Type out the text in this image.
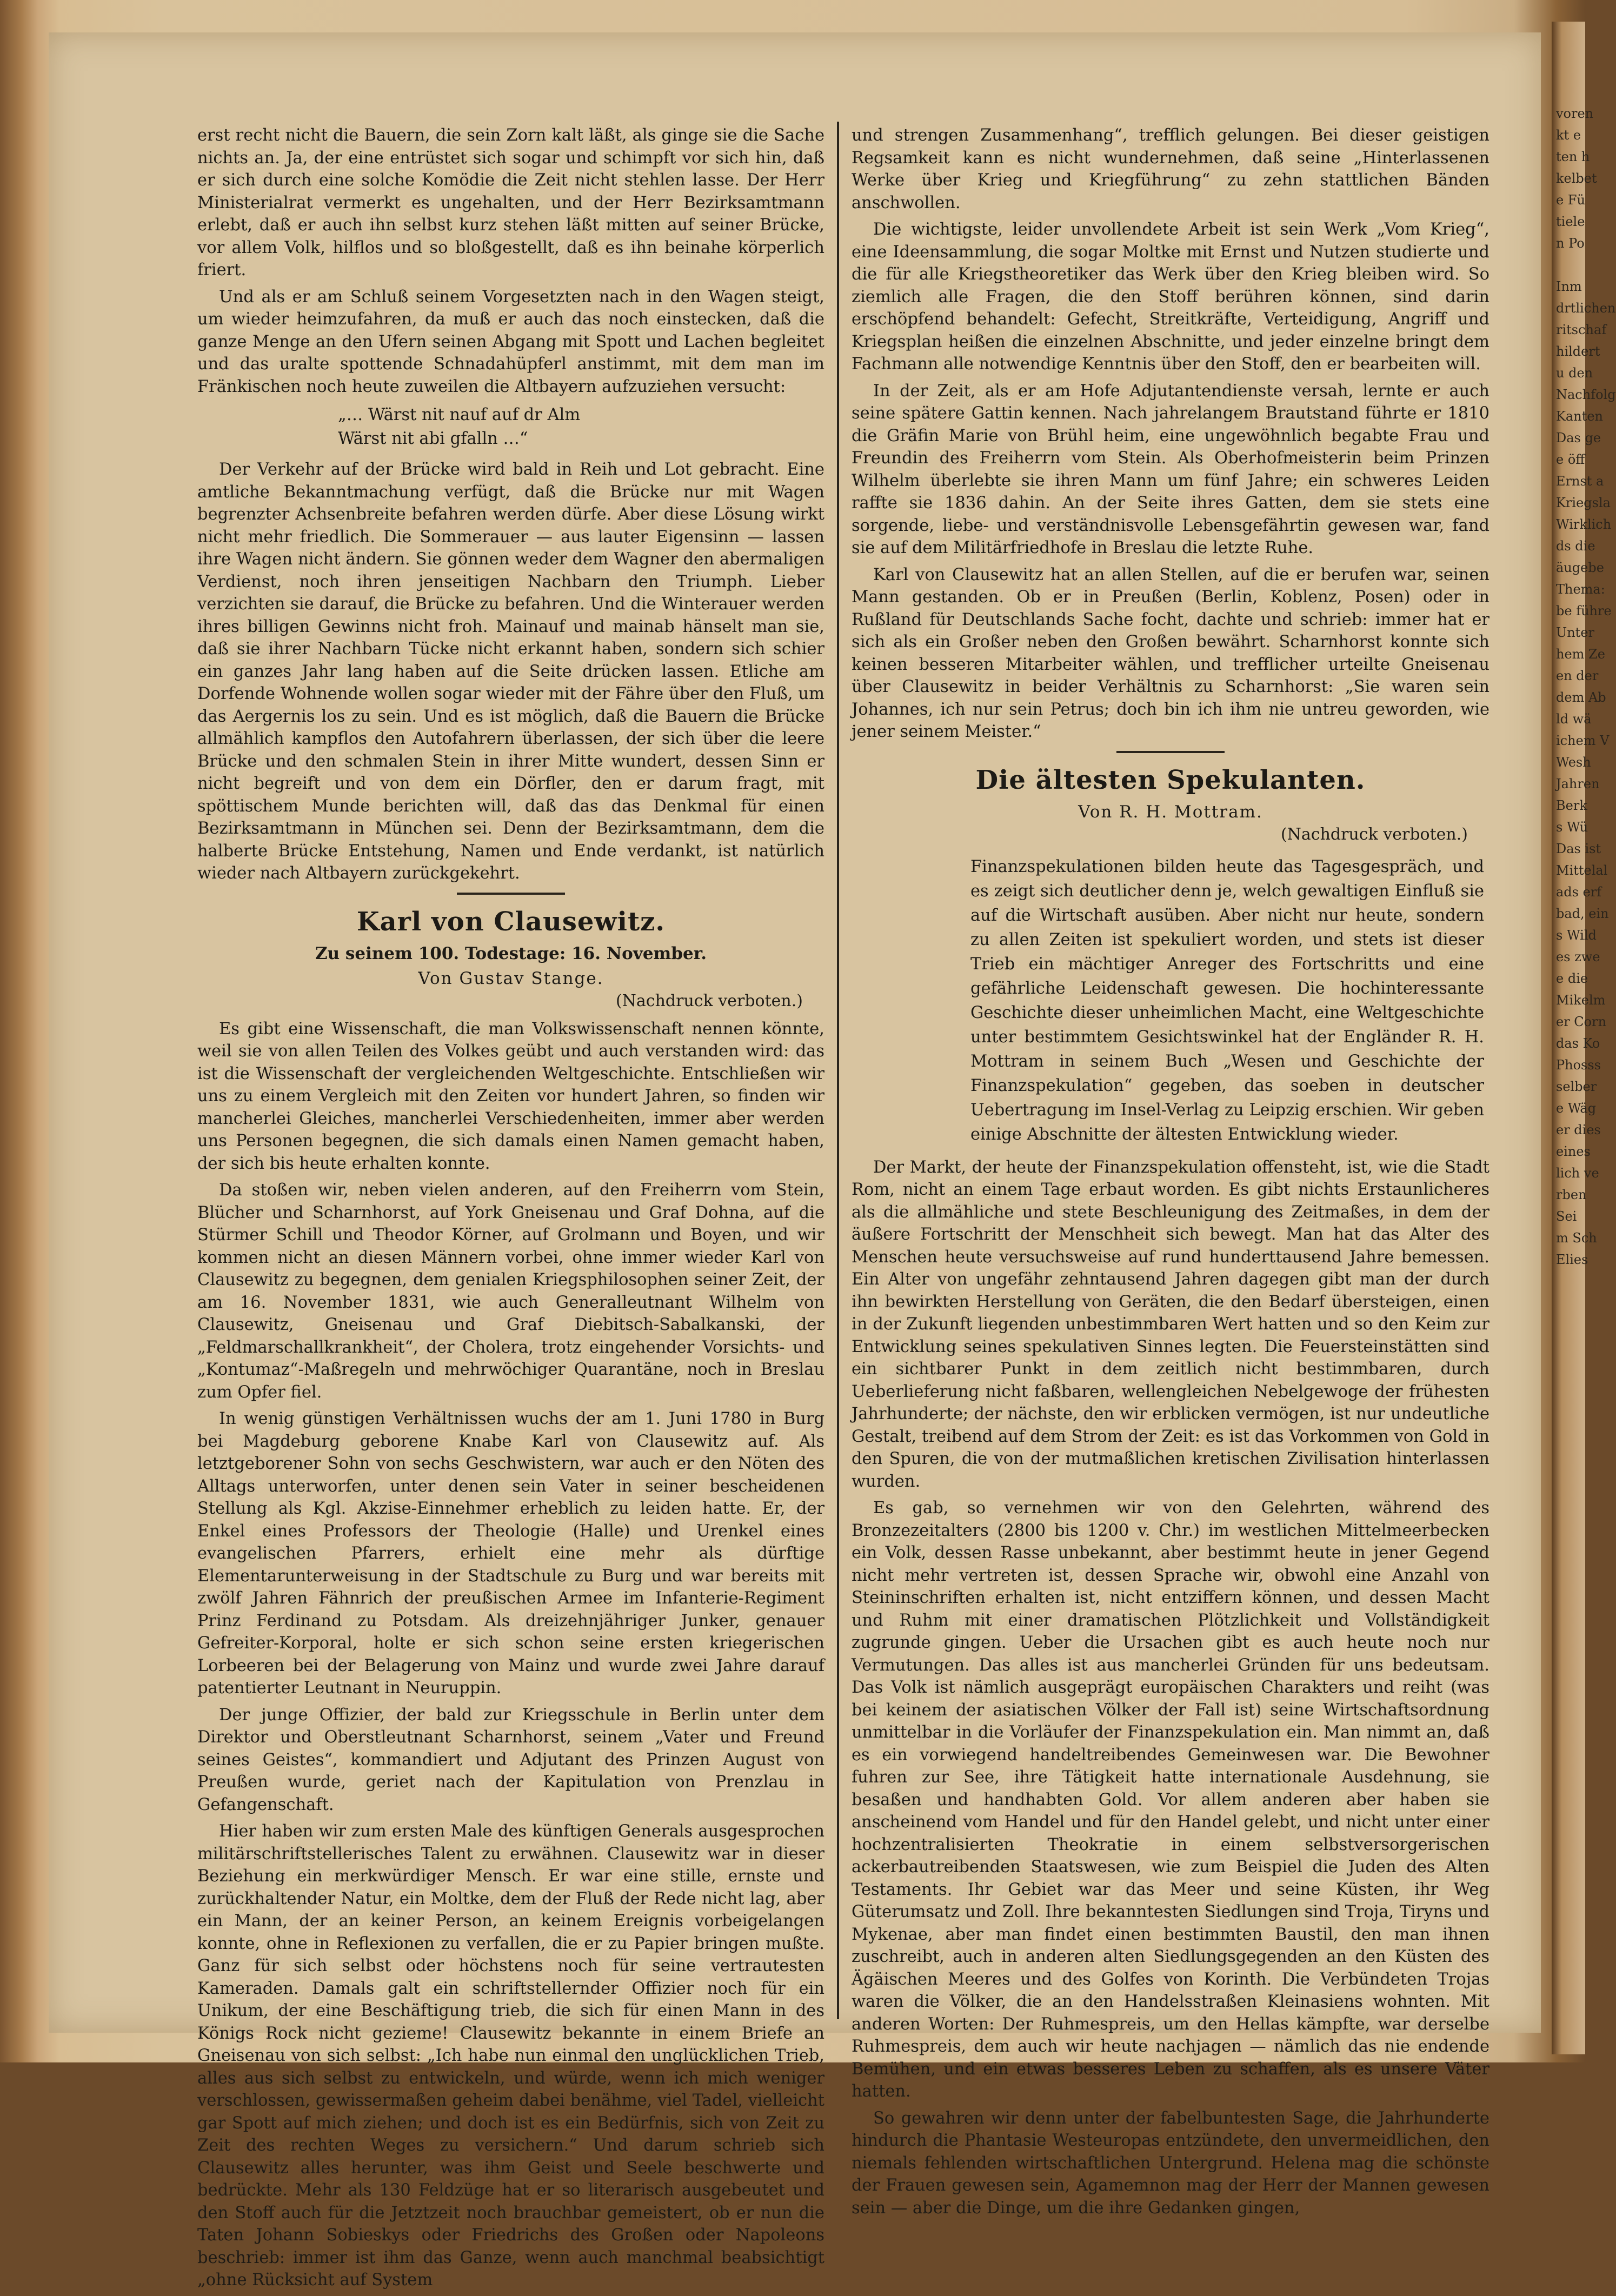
erst recht nicht die Bauern, die sein Zorn kalt läßt, als ginge sie die Sache nichts an. Ja, der eine entrüstet sich sogar und schimpft vor sich hin, daß er sich durch eine solche Komödie die Zeit nicht stehlen lasse. Der Herr Ministerialrat vermerkt es ungehalten, und der Herr Bezirksamtmann erlebt, daß er auch ihn selbst kurz stehen läßt mitten auf seiner Brücke, vor allem Volk, hilflos und so bloßgestellt, daß es ihn beinahe körperlich friert.

Und als er am Schluß seinem Vorgesetzten nach in den Wagen steigt, um wieder heimzufahren, da muß er auch das noch einstecken, daß die ganze Menge an den Ufern seinen Abgang mit Spott und Lachen begleitet und das uralte spottende Schnadahüpferl anstimmt, mit dem man im Fränkischen noch heute zuweilen die Altbayern aufzuziehen versucht:

„… Wärst nit nauf auf dr Alm
Wärst nit abi gfalln …“

Der Verkehr auf der Brücke wird bald in Reih und Lot gebracht. Eine amtliche Bekanntmachung verfügt, daß die Brücke nur mit Wagen begrenzter Achsenbreite befahren werden dürfe. Aber diese Lösung wirkt nicht mehr friedlich. Die Sommerauer — aus lauter Eigensinn — lassen ihre Wagen nicht ändern. Sie gönnen weder dem Wagner den abermaligen Verdienst, noch ihren jenseitigen Nachbarn den Triumph. Lieber verzichten sie darauf, die Brücke zu befahren. Und die Winterauer werden ihres billigen Gewinns nicht froh. Mainauf und mainab hänselt man sie, daß sie ihrer Nachbarn Tücke nicht erkannt haben, sondern sich schier ein ganzes Jahr lang haben auf die Seite drücken lassen. Etliche am Dorfende Wohnende wollen sogar wieder mit der Fähre über den Fluß, um das Aergernis los zu sein. Und es ist möglich, daß die Bauern die Brücke allmählich kampflos den Autofahrern überlassen, der sich über die leere Brücke und den schmalen Stein in ihrer Mitte wundert, dessen Sinn er nicht begreift und von dem ein Dörfler, den er darum fragt, mit spöttischem Munde berichten will, daß das das Denkmal für einen Bezirksamtmann in München sei. Denn der Bezirksamtmann, dem die halberte Brücke Entstehung, Namen und Ende verdankt, ist natürlich wieder nach Altbayern zurückgekehrt.

Karl von Clausewitz.
Zu seinem 100. Todestage: 16. November.
Von Gustav Stange.
(Nachdruck verboten.)

Es gibt eine Wissenschaft, die man Volkswissenschaft nennen könnte, weil sie von allen Teilen des Volkes geübt und auch verstanden wird: das ist die Wissenschaft der vergleichenden Weltgeschichte. Entschließen wir uns zu einem Vergleich mit den Zeiten vor hundert Jahren, so finden wir mancherlei Gleiches, mancherlei Verschiedenheiten, immer aber werden uns Personen begegnen, die sich damals einen Namen gemacht haben, der sich bis heute erhalten konnte.

Da stoßen wir, neben vielen anderen, auf den Freiherrn vom Stein, Blücher und Scharnhorst, auf York Gneisenau und Graf Dohna, auf die Stürmer Schill und Theodor Körner, auf Grolmann und Boyen, und wir kommen nicht an diesen Männern vorbei, ohne immer wieder Karl von Clausewitz zu begegnen, dem genialen Kriegsphilosophen seiner Zeit, der am 16. November 1831, wie auch Generalleutnant Wilhelm von Clausewitz, Gneisenau und Graf Diebitsch-Sabalkanski, der „Feldmarschallkrankheit“, der Cholera, trotz eingehender Vorsichts- und „Kontumaz“-Maßregeln und mehrwöchiger Quarantäne, noch in Breslau zum Opfer fiel.

In wenig günstigen Verhältnissen wuchs der am 1. Juni 1780 in Burg bei Magdeburg geborene Knabe Karl von Clausewitz auf. Als letztgeborener Sohn von sechs Geschwistern, war auch er den Nöten des Alltags unterworfen, unter denen sein Vater in seiner bescheidenen Stellung als Kgl. Akzise-Einnehmer erheblich zu leiden hatte. Er, der Enkel eines Professors der Theologie (Halle) und Urenkel eines evangelischen Pfarrers, erhielt eine mehr als dürftige Elementarunterweisung in der Stadtschule zu Burg und war bereits mit zwölf Jahren Fähnrich der preußischen Armee im Infanterie-Regiment Prinz Ferdinand zu Potsdam. Als dreizehnjähriger Junker, genauer Gefreiter-Korporal, holte er sich schon seine ersten kriegerischen Lorbeeren bei der Belagerung von Mainz und wurde zwei Jahre darauf patentierter Leutnant in Neuruppin.

Der junge Offizier, der bald zur Kriegsschule in Berlin unter dem Direktor und Oberstleutnant Scharnhorst, seinem „Vater und Freund seines Geistes“, kommandiert und Adjutant des Prinzen August von Preußen wurde, geriet nach der Kapitulation von Prenzlau in Gefangenschaft.

Hier haben wir zum ersten Male des künftigen Generals ausgesprochen militärschriftstellerisches Talent zu erwähnen. Clausewitz war in dieser Beziehung ein merkwürdiger Mensch. Er war eine stille, ernste und zurückhaltender Natur, ein Moltke, dem der Fluß der Rede nicht lag, aber ein Mann, der an keiner Person, an keinem Ereignis vorbeigelangen konnte, ohne in Reflexionen zu verfallen, die er zu Papier bringen mußte. Ganz für sich selbst oder höchstens noch für seine vertrautesten Kameraden. Damals galt ein schriftstellernder Offizier noch für ein Unikum, der eine Beschäftigung trieb, die sich für einen Mann in des Königs Rock nicht gezieme! Clausewitz bekannte in einem Briefe an Gneisenau von sich selbst: „Ich habe nun einmal den unglücklichen Trieb, alles aus sich selbst zu entwickeln, und würde, wenn ich mich weniger verschlossen, gewissermaßen geheim dabei benähme, viel Tadel, vielleicht gar Spott auf mich ziehen; und doch ist es ein Bedürfnis, sich von Zeit zu Zeit des rechten Weges zu versichern.“ Und darum schrieb sich Clausewitz alles herunter, was ihm Geist und Seele beschwerte und bedrückte. Mehr als 130 Feldzüge hat er so literarisch ausgebeutet und den Stoff auch für die Jetztzeit noch brauchbar gemeistert, ob er nun die Taten Johann Sobieskys oder Friedrichs des Großen oder Napoleons beschrieb: immer ist ihm das Ganze, wenn auch manchmal beabsichtigt „ohne Rücksicht auf System

und strengen Zusammenhang“, trefflich gelungen. Bei dieser geistigen Regsamkeit kann es nicht wundernehmen, daß seine „Hinterlassenen Werke über Krieg und Kriegführung“ zu zehn stattlichen Bänden anschwollen.

Die wichtigste, leider unvollendete Arbeit ist sein Werk „Vom Krieg“, eine Ideensammlung, die sogar Moltke mit Ernst und Nutzen studierte und die für alle Kriegstheoretiker das Werk über den Krieg bleiben wird. So ziemlich alle Fragen, die den Stoff berühren können, sind darin erschöpfend behandelt: Gefecht, Streitkräfte, Verteidigung, Angriff und Kriegsplan heißen die einzelnen Abschnitte, und jeder einzelne bringt dem Fachmann alle notwendige Kenntnis über den Stoff, den er bearbeiten will.

In der Zeit, als er am Hofe Adjutantendienste versah, lernte er auch seine spätere Gattin kennen. Nach jahrelangem Brautstand führte er 1810 die Gräfin Marie von Brühl heim, eine ungewöhnlich begabte Frau und Freundin des Freiherrn vom Stein. Als Oberhofmeisterin beim Prinzen Wilhelm überlebte sie ihren Mann um fünf Jahre; ein schweres Leiden raffte sie 1836 dahin. An der Seite ihres Gatten, dem sie stets eine sorgende, liebe- und verständnisvolle Lebensgefährtin gewesen war, fand sie auf dem Militärfriedhofe in Breslau die letzte Ruhe.

Karl von Clausewitz hat an allen Stellen, auf die er berufen war, seinen Mann gestanden. Ob er in Preußen (Berlin, Koblenz, Posen) oder in Rußland für Deutschlands Sache focht, dachte und schrieb: immer hat er sich als ein Großer neben den Großen bewährt. Scharnhorst konnte sich keinen besseren Mitarbeiter wählen, und trefflicher urteilte Gneisenau über Clausewitz in beider Verhältnis zu Scharnhorst: „Sie waren sein Johannes, ich nur sein Petrus; doch bin ich ihm nie untreu geworden, wie jener seinem Meister.“

Die ältesten Spekulanten.
Von R. H. Mottram.
(Nachdruck verboten.)

Finanzspekulationen bilden heute das Tagesgespräch, und es zeigt sich deutlicher denn je, welch gewaltigen Einfluß sie auf die Wirtschaft ausüben. Aber nicht nur heute, sondern zu allen Zeiten ist spekuliert worden, und stets ist dieser Trieb ein mächtiger Anreger des Fortschritts und eine gefährliche Leidenschaft gewesen. Die hochinteressante Geschichte dieser unheimlichen Macht, eine Weltgeschichte unter bestimmtem Gesichtswinkel hat der Engländer R. H. Mottram in seinem Buch „Wesen und Geschichte der Finanzspekulation“ gegeben, das soeben in deutscher Uebertragung im Insel-Verlag zu Leipzig erschien. Wir geben einige Abschnitte der ältesten Entwicklung wieder.

Der Markt, der heute der Finanzspekulation offensteht, ist, wie die Stadt Rom, nicht an einem Tage erbaut worden. Es gibt nichts Erstaunlicheres als die allmähliche und stete Beschleunigung des Zeitmaßes, in dem der äußere Fortschritt der Menschheit sich bewegt. Man hat das Alter des Menschen heute versuchsweise auf rund hunderttausend Jahre bemessen. Ein Alter von ungefähr zehntausend Jahren dagegen gibt man der durch ihn bewirkten Herstellung von Geräten, die den Bedarf übersteigen, einen in der Zukunft liegenden unbestimmbaren Wert hatten und so den Keim zur Entwicklung seines spekulativen Sinnes legten. Die Feuersteinstätten sind ein sichtbarer Punkt in dem zeitlich nicht bestimmbaren, durch Ueberlieferung nicht faßbaren, wellengleichen Nebelgewoge der frühesten Jahrhunderte; der nächste, den wir erblicken vermögen, ist nur undeutliche Gestalt, treibend auf dem Strom der Zeit: es ist das Vorkommen von Gold in den Spuren, die von der mutmaßlichen kretischen Zivilisation hinterlassen wurden.

Es gab, so vernehmen wir von den Gelehrten, während des Bronzezeitalters (2800 bis 1200 v. Chr.) im westlichen Mittelmeerbecken ein Volk, dessen Rasse unbekannt, aber bestimmt heute in jener Gegend nicht mehr vertreten ist, dessen Sprache wir, obwohl eine Anzahl von Steininschriften erhalten ist, nicht entziffern können, und dessen Macht und Ruhm mit einer dramatischen Plötzlichkeit und Vollständigkeit zugrunde gingen. Ueber die Ursachen gibt es auch heute noch nur Vermutungen. Das alles ist aus mancherlei Gründen für uns bedeutsam. Das Volk ist nämlich ausgeprägt europäischen Charakters und reiht (was bei keinem der asiatischen Völker der Fall ist) seine Wirtschaftsordnung unmittelbar in die Vorläufer der Finanzspekulation ein. Man nimmt an, daß es ein vorwiegend handeltreibendes Gemeinwesen war. Die Bewohner fuhren zur See, ihre Tätigkeit hatte internationale Ausdehnung, sie besaßen und handhabten Gold. Vor allem anderen aber haben sie anscheinend vom Handel und für den Handel gelebt, und nicht unter einer hochzentralisierten Theokratie in einem selbstversorgerischen ackerbautreibenden Staatswesen, wie zum Beispiel die Juden des Alten Testaments. Ihr Gebiet war das Meer und seine Küsten, ihr Weg Güterumsatz und Zoll. Ihre bekanntesten Siedlungen sind Troja, Tiryns und Mykenae, aber man findet einen bestimmten Baustil, den man ihnen zuschreibt, auch in anderen alten Siedlungsgegenden an den Küsten des Ägäischen Meeres und des Golfes von Korinth. Die Verbündeten Trojas waren die Völker, die an den Handelsstraßen Kleinasiens wohnten. Mit anderen Worten: Der Ruhmespreis, um den Hellas kämpfte, war derselbe Ruhmespreis, dem auch wir heute nachjagen — nämlich das nie endende Bemühen, und ein etwas besseres Leben zu schaffen, als es unsere Väter hatten.

So gewahren wir denn unter der fabelbuntesten Sage, die Jahrhunderte hindurch die Phantasie Westeuropas entzündete, den unvermeidlichen, den niemals fehlenden wirtschaftlichen Untergrund. Helena mag die schönste der Frauen gewesen sein, Agamemnon mag der Herr der Mannen gewesen sein — aber die Dinge, um die ihre Gedanken gingen,

voren
kt e
ten h
kelbet
e Fü
tiele
n Po

Inm
drtlichen
ritschaf
hildert
u den
Nachfolg
Kanten
Das ge
e öff
Ernst a
Kriegsla
Wirklich
ds die
äugebe
Thema:
be führe
Unter
hem Ze
en der
dem Ab
ld wä
ichem V
Wesh
Jahren
Berk
s Wü
Das ist
Mittelal
ads erf
bad, ein
s Wild
es zwe
e die
Mikelm
er Corn
das Ko
Phosss
selber
e Wäg
er dies
eines
lich ve
rben
Sei
m Sch
Elies
